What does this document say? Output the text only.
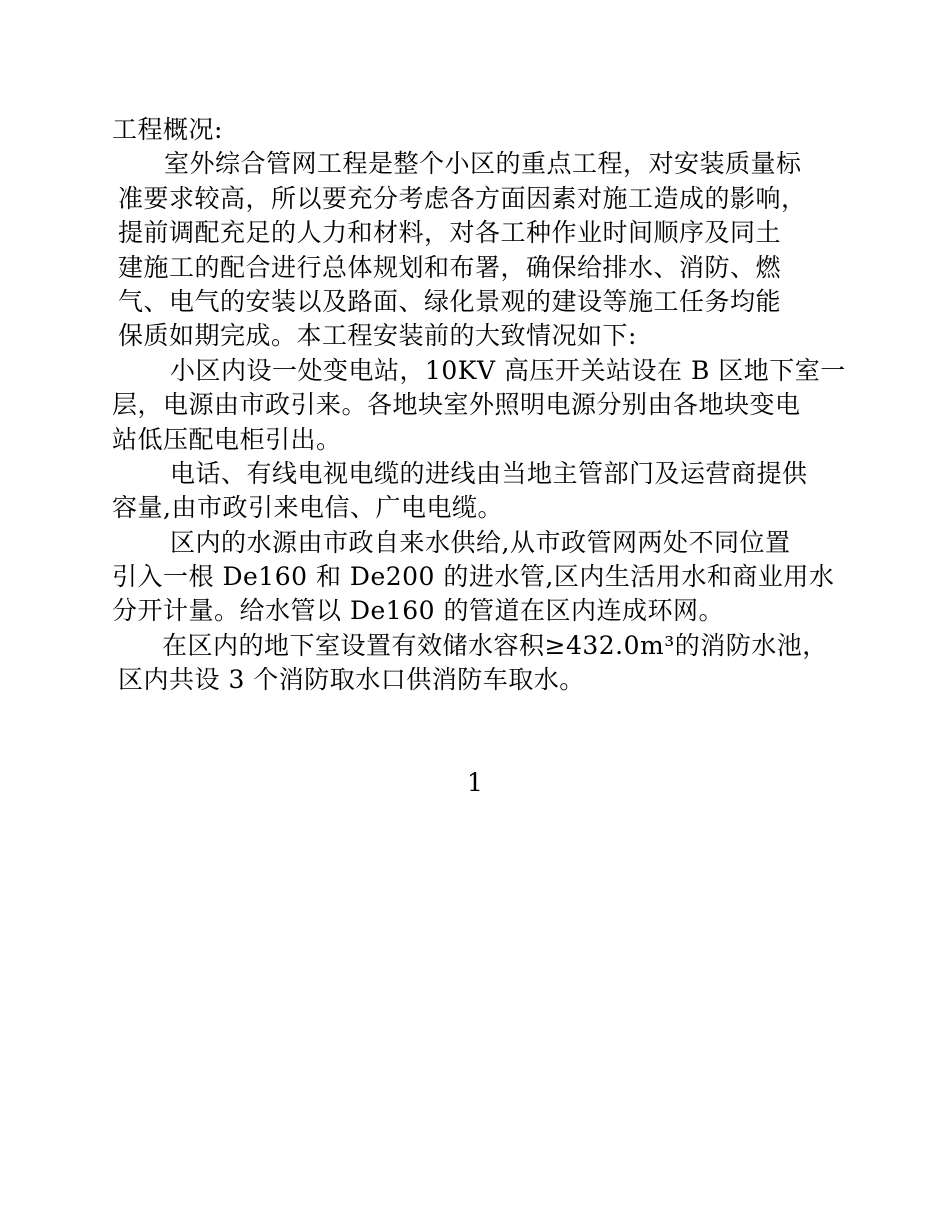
工程概况:
室外综合管网工程是整个小区的重点工程，对安装质量标
准要求较高，所以要充分考虑各方面因素对施工造成的影响，
提前调配充足的人力和材料，对各工种作业时间顺序及同土
建施工的配合进行总体规划和布署，确保给排水、消防、燃
气、电气的安装以及路面、绿化景观的建设等施工任务均能
保质如期完成。本工程安装前的大致情况如下:
小区内设一处变电站，10KV 高压开关站设在 B 区地下室一
层，电源由市政引来。各地块室外照明电源分别由各地块变电
站低压配电柜引出。
电话、有线电视电缆的进线由当地主管部门及运营商提供
容量,由市政引来电信、广电电缆。
区内的水源由市政自来水供给,从市政管网两处不同位置
引入一根 De160 和 De200 的进水管,区内生活用水和商业用水
分开计量。给水管以 De160 的管道在区内连成环网。
在区内的地下室设置有效储水容积≥432.0m³的消防水池，
区内共设 3 个消防取水口供消防车取水。
1
